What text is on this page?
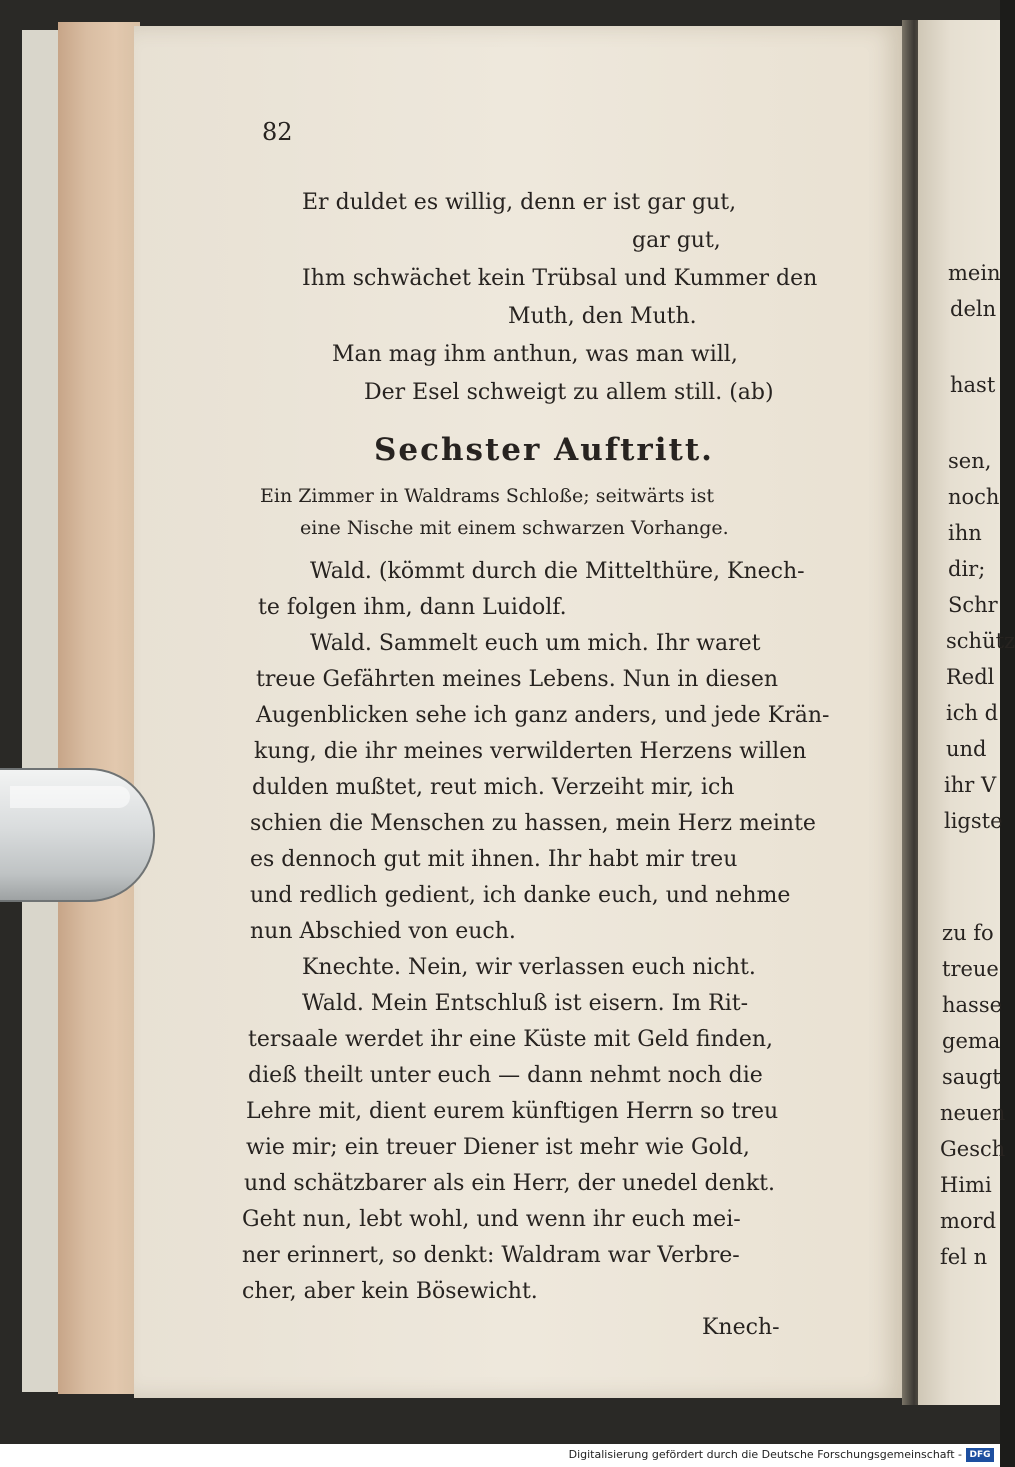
82
Er duldet es willig, denn er ist gar gut,
gar gut,
Ihm schwächet kein Trübsal und Kummer den
Muth, den Muth.
Man mag ihm anthun, was man will,
Der Esel schweigt zu allem still. (ab)
Sechster Auftritt.
Ein Zimmer in Waldrams Schloße; seitwärts ist
eine Nische mit einem schwarzen Vorhange.
Wald. (kömmt durch die Mittelthüre, Knech-
te folgen ihm, dann Luidolf.
Wald. Sammelt euch um mich. Ihr waret
treue Gefährten meines Lebens. Nun in diesen
Augenblicken sehe ich ganz anders, und jede Krän-
kung, die ihr meines verwilderten Herzens willen
dulden mußtet, reut mich. Verzeiht mir, ich
schien die Menschen zu hassen, mein Herz meinte
es dennoch gut mit ihnen. Ihr habt mir treu
und redlich gedient, ich danke euch, und nehme
nun Abschied von euch.
Knechte. Nein, wir verlassen euch nicht.
Wald. Mein Entschluß ist eisern. Im Rit-
tersaale werdet ihr eine Küste mit Geld finden,
dieß theilt unter euch — dann nehmt noch die
Lehre mit, dient eurem künftigen Herrn so treu
wie mir; ein treuer Diener ist mehr wie Gold,
und schätzbarer als ein Herr, der unedel denkt.
Geht nun, lebt wohl, und wenn ihr euch mei-
ner erinnert, so denkt: Waldram war Verbre-
cher, aber kein Bösewicht.
Knech-
mein
deln
hast
sen,
noch
ihn
dir;
Schr
schütz
Redl
ich d
und
ihr V
ligste
zu fo
treue
hasse
gema
saugt
neuen
Gesch
Himi
mord
fel n
Digitalisierung gefördert durch die Deutsche Forschungsgemeinschaft - DFG
